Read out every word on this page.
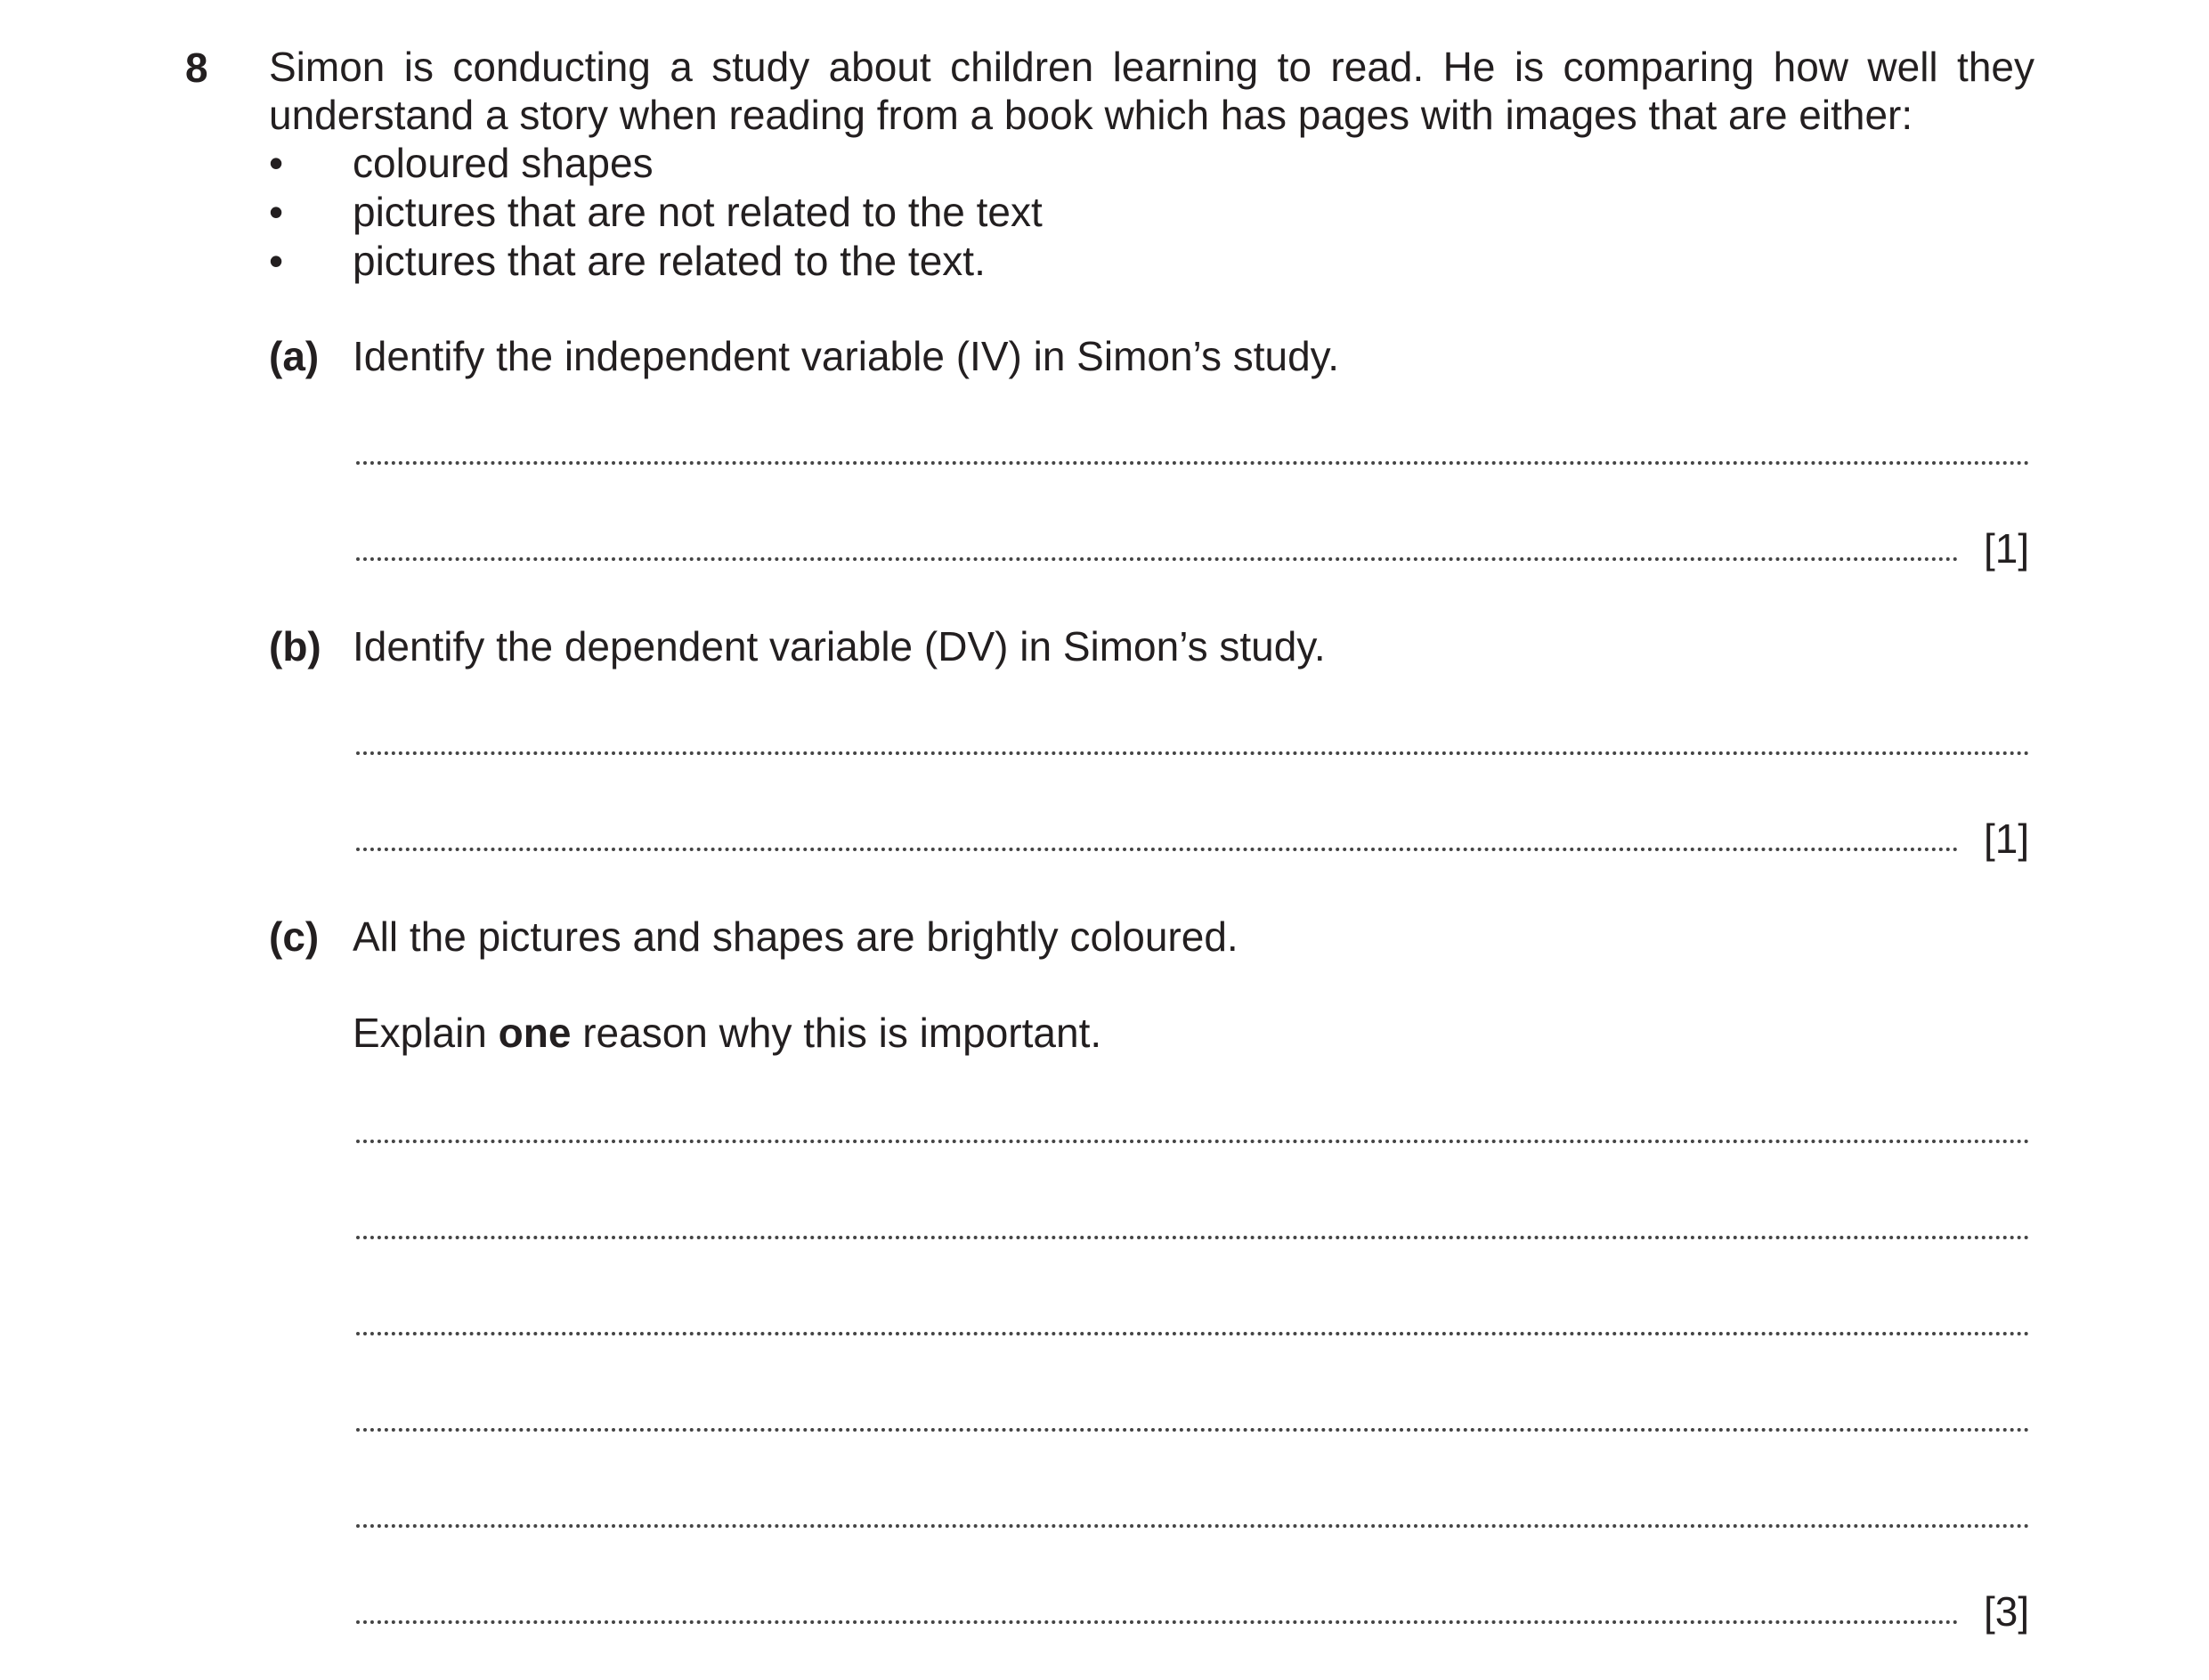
8 Simon is conducting a study about children learning to read. He is comparing how well they
understand a story when reading from a book which has pages with images that are either:
• coloured shapes
• pictures that are not related to the text
• pictures that are related to the text.
(a) Identify the independent variable (IV) in Simon’s study.
[1]
(b) Identify the dependent variable (DV) in Simon’s study.
[1]
(c) All the pictures and shapes are brightly coloured.
Explain one reason why this is important.
[3]
